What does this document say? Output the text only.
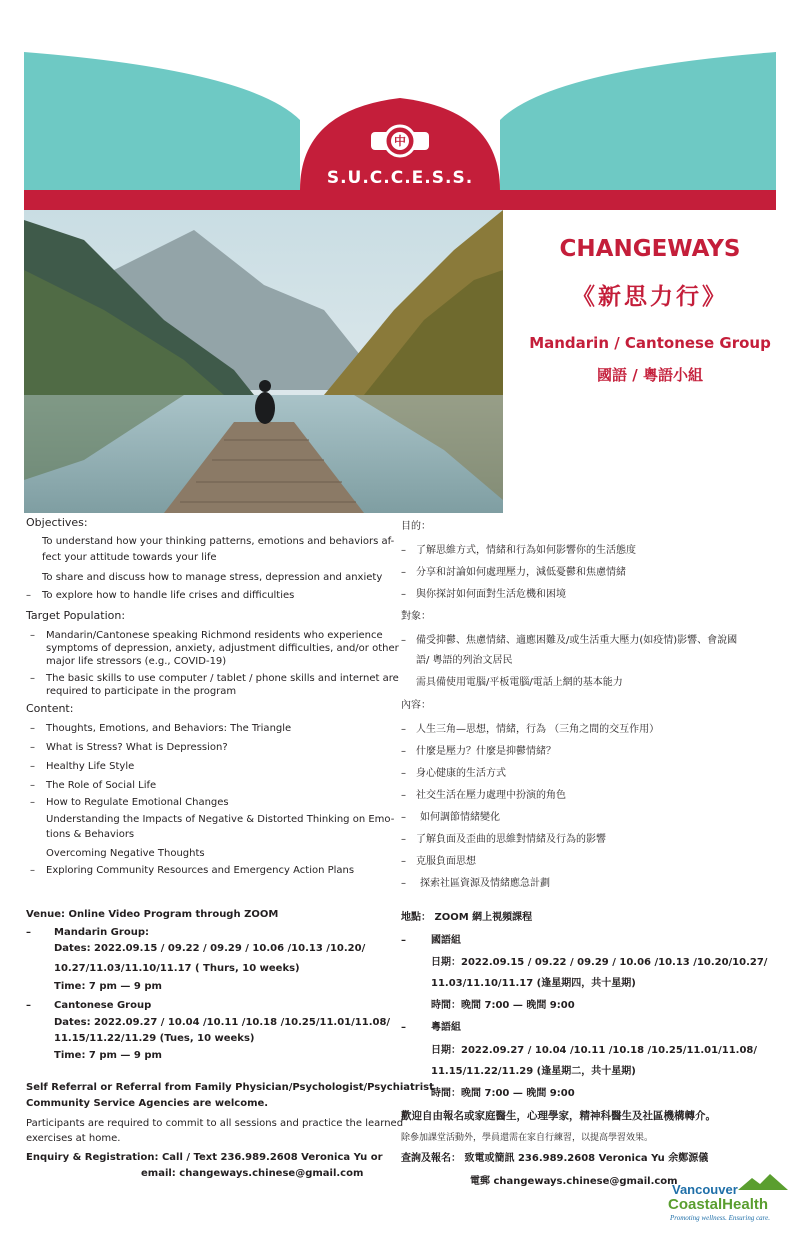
中
S.U.C.C.E.S.S.
CHANGEWAYS
《新思力行》
Mandarin / Cantonese Group
國語 / 粵語小組
Objectives:
To understand how your thinking patterns, emotions and behaviors af-
fect your attitude towards your life
To share and discuss how to manage stress, depression and anxiety
– To explore how to handle life crises and difficulties
Target Population:
– Mandarin/Cantonese speaking Richmond residents who experience
symptoms of depression, anxiety, adjustment difficulties, and/or other
major life stressors (e.g., COVID-19)
– The basic skills to use computer / tablet / phone skills and internet are
required to participate in the program
Content:
– Thoughts, Emotions, and Behaviors: The Triangle
– What is Stress? What is Depression?
– Healthy Life Style
– The Role of Social Life
– How to Regulate Emotional Changes
Understanding the Impacts of Negative & Distorted Thinking on Emo-
tions & Behaviors
Overcoming Negative Thoughts
– Exploring Community Resources and Emergency Action Plans
Venue: Online Video Program through ZOOM
– Mandarin Group:
Dates: 2022.09.15 / 09.22 / 09.29 / 10.06 /10.13 /10.20/
10.27/11.03/11.10/11.17 ( Thurs, 10 weeks)
Time: 7 pm — 9 pm
– Cantonese Group
Dates: 2022.09.27 / 10.04 /10.11 /10.18 /10.25/11.01/11.08/
11.15/11.22/11.29 (Tues, 10 weeks)
Time: 7 pm — 9 pm
Self Referral or Referral from Family Physician/Psychologist/Psychiatrist
Community Service Agencies are welcome.
Participants are required to commit to all sessions and practice the learned
exercises at home.
Enquiry & Registration: Call / Text 236.989.2608 Veronica Yu or
email: changeways.chinese@gmail.com
目的：
– 了解思維方式，情緒和行為如何影響你的生活態度
– 分享和討論如何處理壓力，減低憂鬱和焦慮情緒
– 與你探討如何面對生活危機和困境
對象：
– 備受抑鬱、焦慮情緒、適應困難及/或生活重大壓力(如疫情)影響、會說國
語/ 粵語的列治文居民
需具備使用電腦/平板電腦/電話上網的基本能力
內容：
– 人生三角—思想，情緒，行為 （三角之間的交互作用）
– 什麼是壓力？什麼是抑鬱情緒？
– 身心健康的生活方式
– 社交生活在壓力處理中扮演的角色
– 如何調節情緒變化
– 了解負面及歪曲的思維對情緒及行為的影響
– 克服負面思想
– 探索社區資源及情緒應急計劃
地點： ZOOM 網上視頻課程
–	國語組
日期：2022.09.15 / 09.22 / 09.29 / 10.06 /10.13 /10.20/10.27/
11.03/11.10/11.17 (逢星期四，共十星期)
時間：晚間 7:00 — 晚間 9:00
–	粵語組
日期：2022.09.27 / 10.04 /10.11 /10.18 /10.25/11.01/11.08/
11.15/11.22/11.29 (逢星期二，共十星期)
時間：晚間 7:00 — 晚間 9:00
歡迎自由報名或家庭醫生，心理學家，精神科醫生及社區機構轉介。
除參加課堂活動外，學員還需在家自行練習，以提高學習效果。
查詢及報名： 致電或簡訊 236.989.2608 Veronica Yu 余鄭源儀
電郵 changeways.chinese@gmail.com
Vancouver
CoastalHealth
Promoting wellness. Ensuring care.
